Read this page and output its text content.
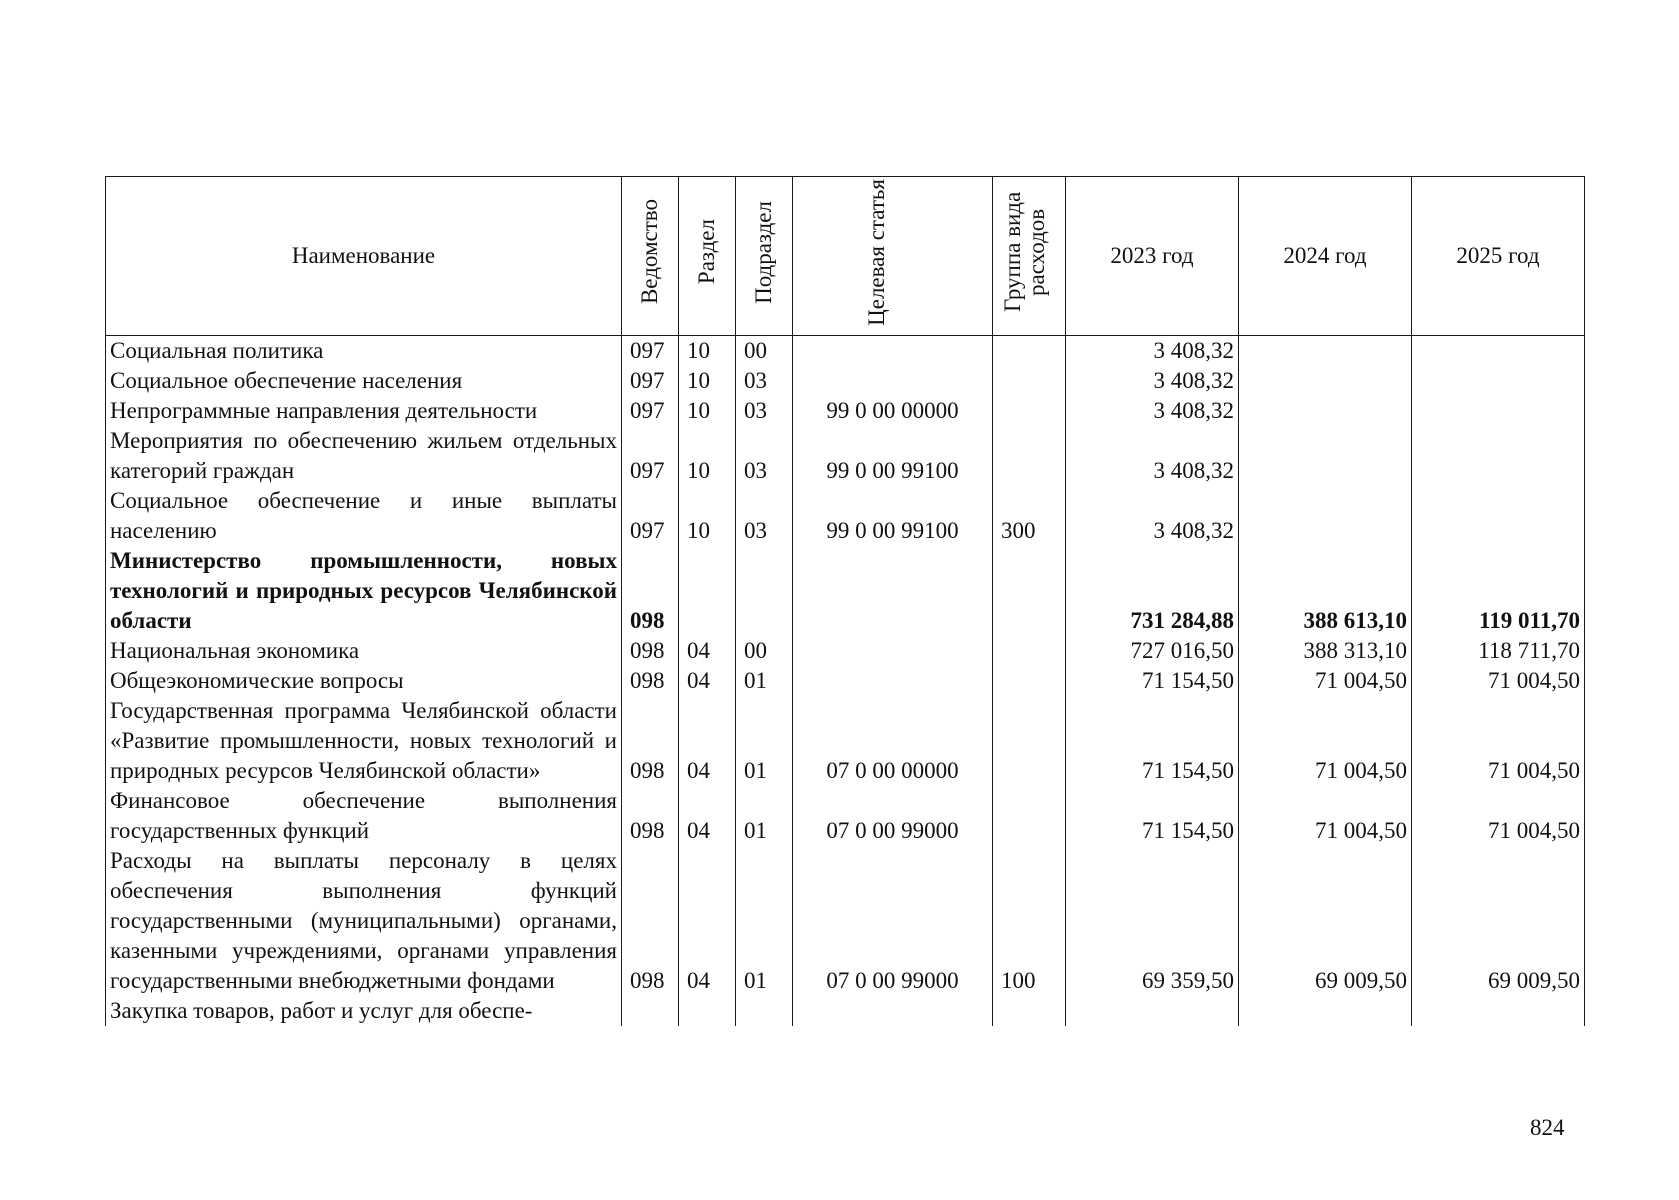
Наименование	Ведомство	Раздел	Подраздел	Целевая статья	Группа вида расходов	2023 год	2024 год	2025 год
Социальная политика	097	10	00			3 408,32		
Социальное обеспечение населения	097	10	03			3 408,32		
Непрограммные направления деятельности	097	10	03	99 0 00 00000		3 408,32		
Мероприятия по обеспечению жильем отдельных категорий граждан	097	10	03	99 0 00 99100		3 408,32		
Социальное обеспечение и иные выплаты населению	097	10	03	99 0 00 99100	300	3 408,32		
Министерство промышленности, новых технологий и природных ресурсов Челябинской области	098					731 284,88	388 613,10	119 011,70
Национальная экономика	098	04	00			727 016,50	388 313,10	118 711,70
Общеэкономические вопросы	098	04	01			71 154,50	71 004,50	71 004,50
Государственная программа Челябинской области «Развитие промышленности, новых технологий и природных ресурсов Челябинской области»	098	04	01	07 0 00 00000		71 154,50	71 004,50	71 004,50
Финансовое обеспечение выполнения государственных функций	098	04	01	07 0 00 99000		71 154,50	71 004,50	71 004,50
Расходы на выплаты персоналу в целях обеспечения выполнения функций государственными (муниципальными) органами, казенными учреждениями, органами управления государственными внебюджетными фондами	098	04	01	07 0 00 99000	100	69 359,50	69 009,50	69 009,50
Закупка товаров, работ и услуг для обеспе-								
824
